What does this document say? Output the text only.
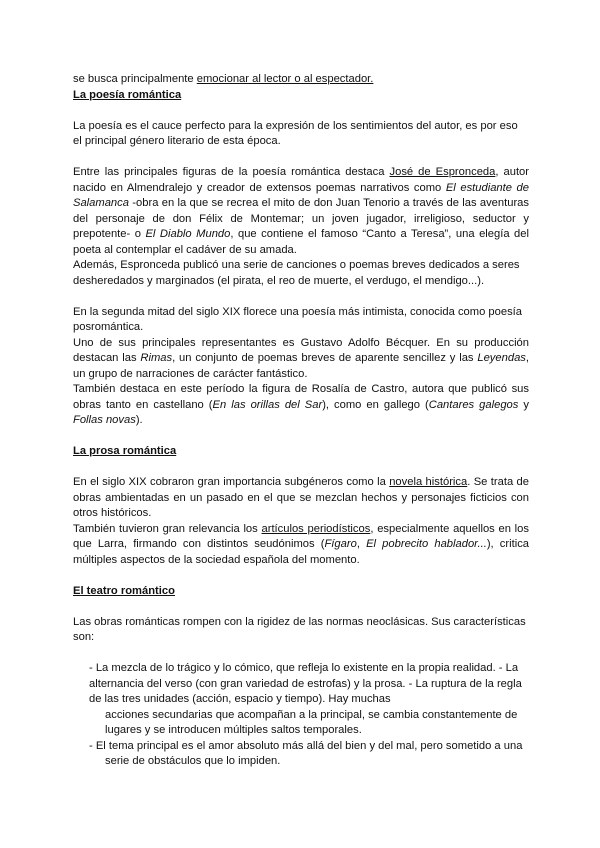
se busca principalmente emocionar al lector o al espectador.

La poesía romántica

La poesía es el cauce perfecto para la expresión de los sentimientos del autor, es por eso el principal género literario de esta época.

Entre las principales figuras de la poesía romántica destaca José de Espronceda, autor nacido en Almendralejo y creador de extensos poemas narrativos como El estudiante de Salamanca -obra en la que se recrea el mito de don Juan Tenorio a través de las aventuras del personaje de don Félix de Montemar; un joven jugador, irreligioso, seductor y prepotente- o El Diablo Mundo, que contiene el famoso “Canto a Teresa”, una elegía del poeta al contemplar el cadáver de su amada.

Además, Espronceda publicó una serie de canciones o poemas breves dedicados a seres desheredados y marginados (el pirata, el reo de muerte, el verdugo, el mendigo...).

En la segunda mitad del siglo XIX florece una poesía más intimista, conocida como poesía posromántica.

Uno de sus principales representantes es Gustavo Adolfo Bécquer. En su producción destacan las Rimas, un conjunto de poemas breves de aparente sencillez y las Leyendas, un grupo de narraciones de carácter fantástico.

También destaca en este período la figura de Rosalía de Castro, autora que publicó sus obras tanto en castellano (En las orillas del Sar), como en gallego (Cantares galegos y Follas novas).

La prosa romántica

En el siglo XIX cobraron gran importancia subgéneros como la novela histórica. Se trata de obras ambientadas en un pasado en el que se mezclan hechos y personajes ficticios con otros históricos.

También tuvieron gran relevancia los artículos periodísticos, especialmente aquellos en los que Larra, firmando con distintos seudónimos (Fígaro, El pobrecito hablador...), critica múltiples aspectos de la sociedad española del momento.

El teatro romántico

Las obras románticas rompen con la rigidez de las normas neoclásicas. Sus características son:

- La mezcla de lo trágico y lo cómico, que refleja lo existente en la propia realidad. - La alternancia del verso (con gran variedad de estrofas) y la prosa. - La ruptura de la regla de las tres unidades (acción, espacio y tiempo). Hay muchas

acciones secundarias que acompañan a la principal, se cambia constantemente de lugares y se introducen múltiples saltos temporales.

- El tema principal es el amor absoluto más allá del bien y del mal, pero sometido a una

serie de obstáculos que lo impiden.
